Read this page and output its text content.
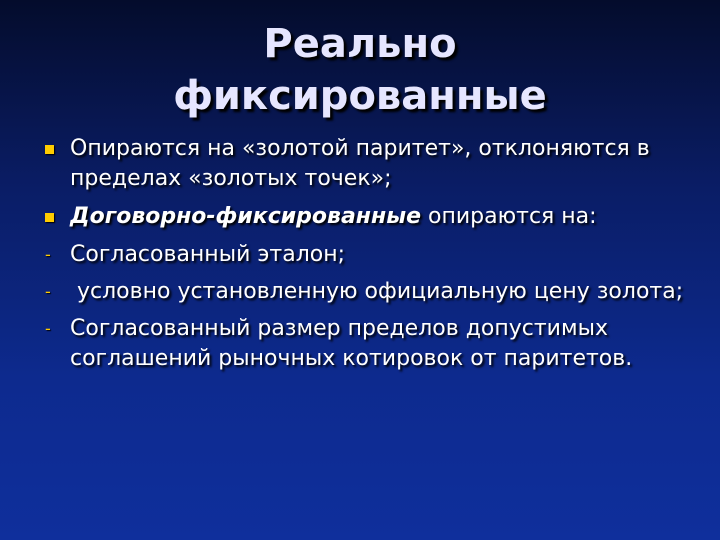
Реально
фиксированные
Опираются на «золотой паритет», отклоняются в пределах «золотых точек»;
Договорно-фиксированные опираются на:
- Согласованный эталон;
- условно установленную официальную цену золота;
- Согласованный размер пределов допустимых соглашений рыночных котировок от паритетов.
